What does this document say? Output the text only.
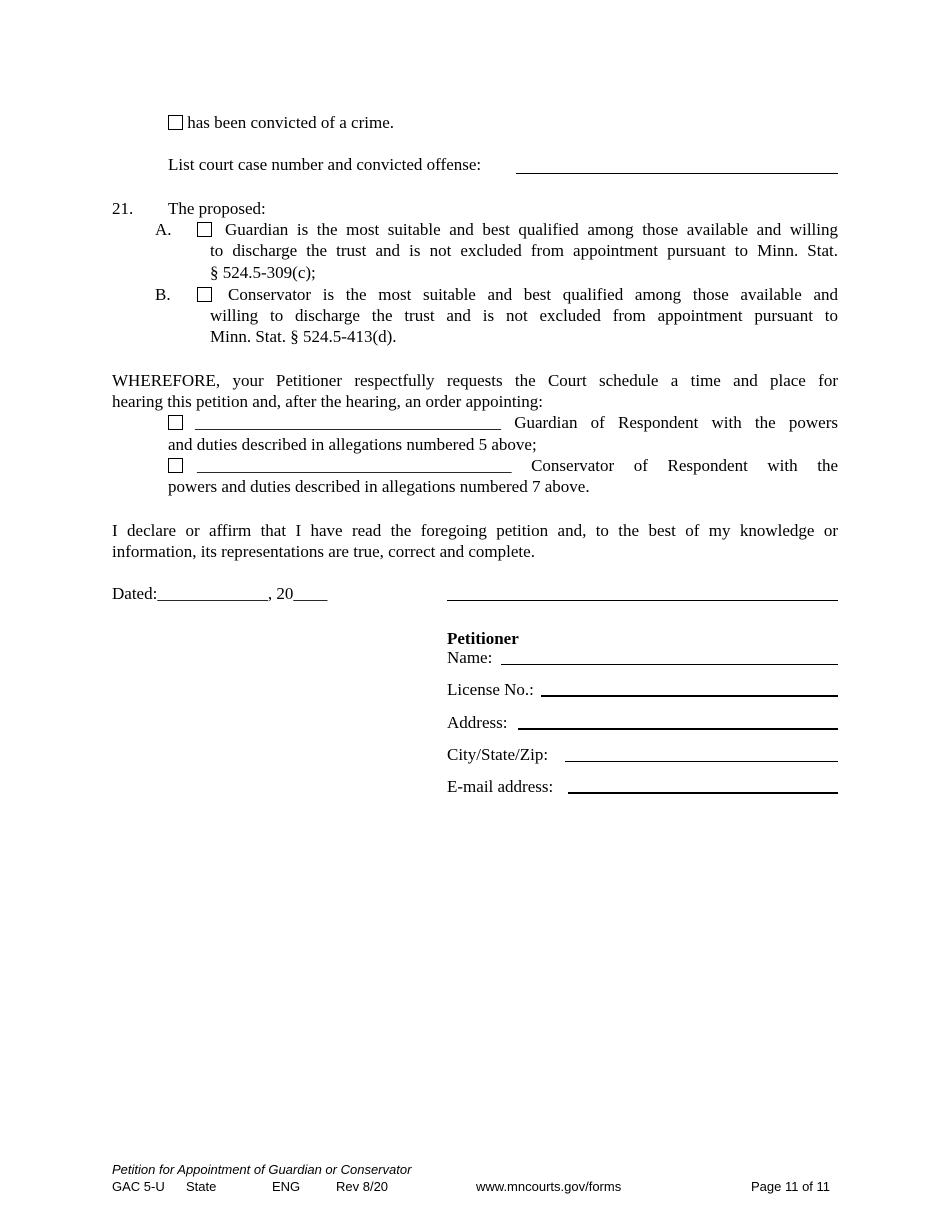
has been convicted of a crime.
List court case number and convicted offense:
21. The proposed:
A.	Guardian is the most suitable and best qualified among those available and willing
to discharge the trust and is not excluded from appointment pursuant to Minn. Stat.
§ 524.5-309(c);
B.	Conservator is the most suitable and best qualified among those available and
willing to discharge the trust and is not excluded from appointment pursuant to
Minn. Stat. § 524.5-413(d).
WHEREFORE, your Petitioner respectfully requests the Court schedule a time and place for
hearing this petition and, after the hearing, an order appointing:
____________________________________ Guardian of Respondent with the powers
and duties described in allegations numbered 5 above;
_____________________________________ Conservator of Respondent with the
powers and duties described in allegations numbered 7 above.
I declare or affirm that I have read the foregoing petition and, to the best of my knowledge or
information, its representations are true, correct and complete.
Dated:_____________, 20____
Petitioner
Name:
License No.:
Address:
City/State/Zip:
E-mail address:
Petition for Appointment of Guardian or Conservator
GAC 5-U State	ENG	Rev 8/20	www.mncourts.gov/forms	Page 11 of 11
